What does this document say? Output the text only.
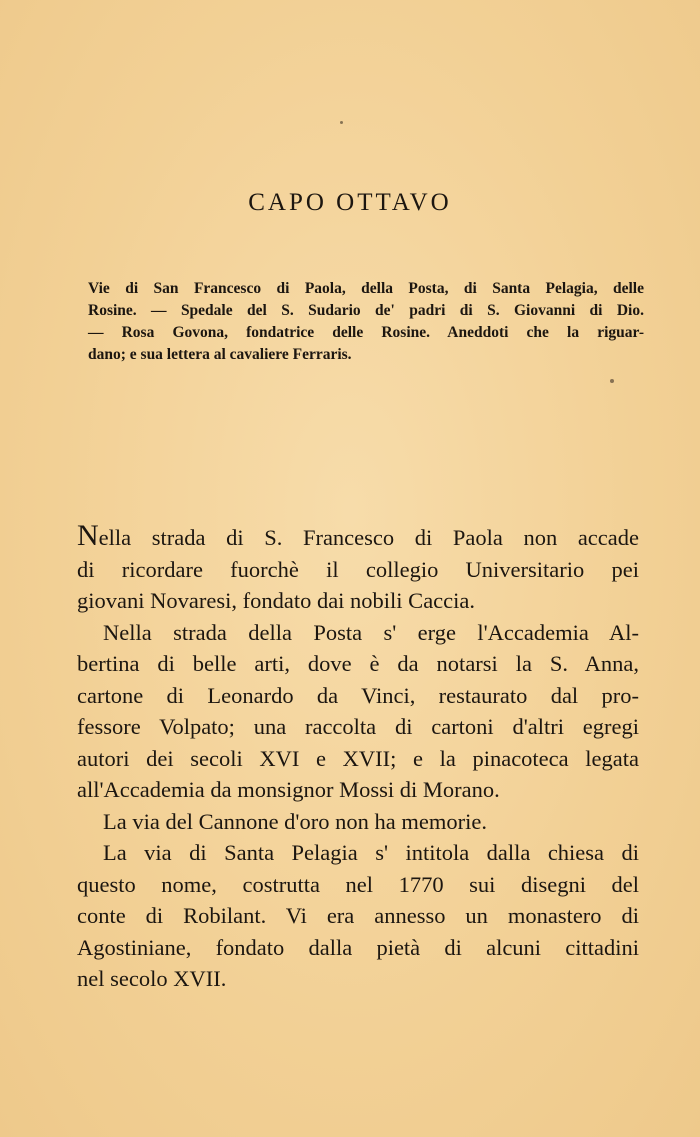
CAPO OTTAVO
Vie di San Francesco di Paola, della Posta, di Santa Pelagia, delle
Rosine. — Spedale del S. Sudario de' padri di S. Giovanni di Dio.
— Rosa Govona, fondatrice delle Rosine. Aneddoti che la riguar-
dano; e sua lettera al cavaliere Ferraris.
Nella strada di S. Francesco di Paola non accade
di ricordare fuorchè il collegio Universitario pei
giovani Novaresi, fondato dai nobili Caccia.
Nella strada della Posta s' erge l'Accademia Al-
bertina di belle arti, dove è da notarsi la S. Anna,
cartone di Leonardo da Vinci, restaurato dal pro-
fessore Volpato; una raccolta di cartoni d'altri egregi
autori dei secoli XVI e XVII; e la pinacoteca legata
all'Accademia da monsignor Mossi di Morano.
La via del Cannone d'oro non ha memorie.
La via di Santa Pelagia s' intitola dalla chiesa di
questo nome, costrutta nel 1770 sui disegni del
conte di Robilant. Vi era annesso un monastero di
Agostiniane, fondato dalla pietà di alcuni cittadini
nel secolo XVII.
